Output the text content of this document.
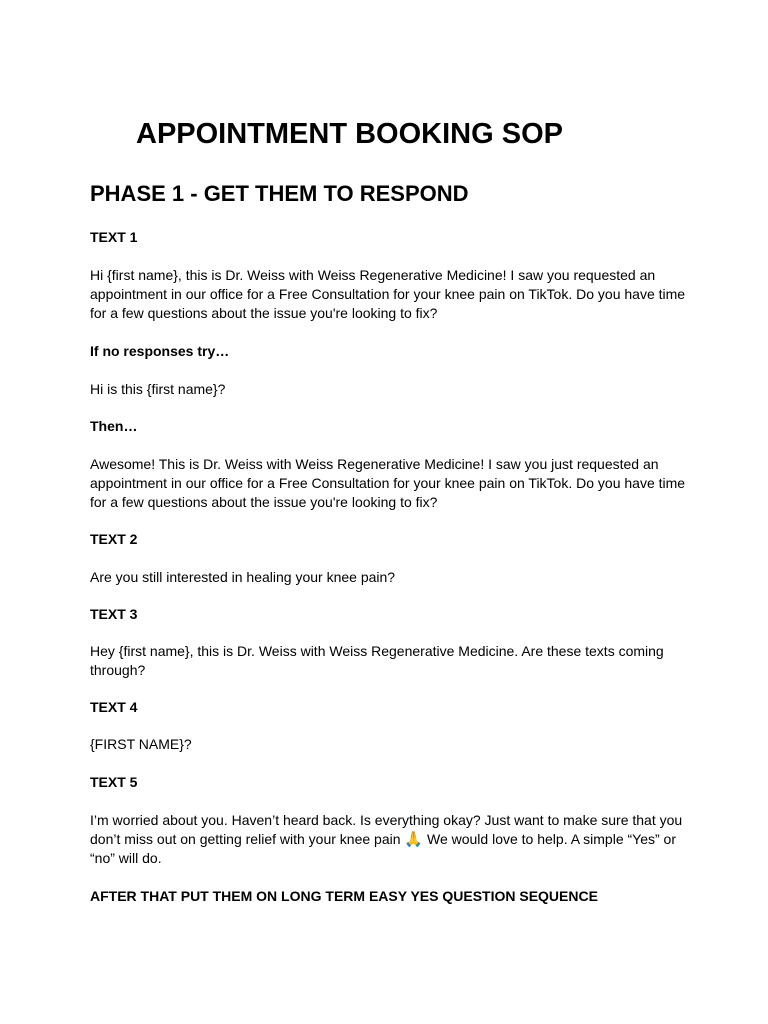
APPOINTMENT BOOKING SOP
PHASE 1 - GET THEM TO RESPOND

TEXT 1

Hi {first name}, this is Dr. Weiss with Weiss Regenerative Medicine! I saw you requested an appointment in our office for a Free Consultation for your knee pain on TikTok. Do you have time for a few questions about the issue you're looking to fix?

If no responses try…

Hi is this {first name}?

Then…

Awesome! This is Dr. Weiss with Weiss Regenerative Medicine! I saw you just requested an appointment in our office for a Free Consultation for your knee pain on TikTok. Do you have time for a few questions about the issue you're looking to fix?

TEXT 2

Are you still interested in healing your knee pain?

TEXT 3

Hey {first name}, this is Dr. Weiss with Weiss Regenerative Medicine. Are these texts coming through?

TEXT 4

{FIRST NAME}?

TEXT 5

I’m worried about you. Haven’t heard back. Is everything okay? Just want to make sure that you don’t miss out on getting relief with your knee pain 🙏 We would love to help. A simple “Yes” or “no” will do.

AFTER THAT PUT THEM ON LONG TERM EASY YES QUESTION SEQUENCE
